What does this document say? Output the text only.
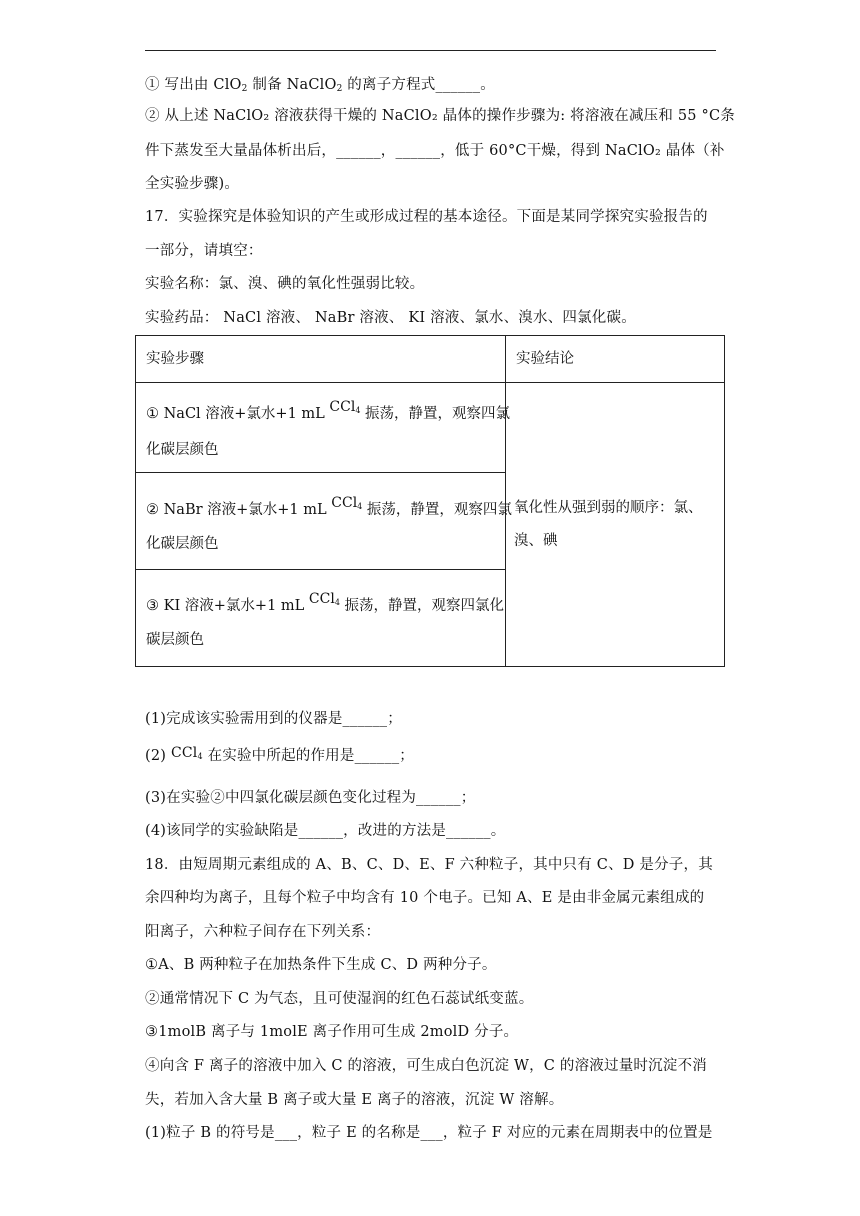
① 写出由 ClO$_2$ 制备 NaClO$_2$ 的离子方程式______。
② 从上述 NaClO₂ 溶液获得干燥的 NaClO₂ 晶体的操作步骤为: 将溶液在减压和 55 °C条
件下蒸发至大量晶体析出后，______，______，低于 60°C干燥，得到 NaClO₂ 晶体（补
全实验步骤)。
17．实验探究是体验知识的产生或形成过程的基本途径。下面是某同学探究实验报告的
一部分，请填空：
实验名称：氯、溴、碘的氧化性强弱比较。
实验药品： NaCl 溶液、 NaBr 溶液、 KI 溶液、氯水、溴水、四氯化碳。
实验步骤	实验结论
① NaCl 溶液+氯水+1 mL CCl$_4$ 振荡，静置，观察四氯
化碳层颜色
② NaBr 溶液+氯水+1 mL CCl$_4$ 振荡，静置，观察四氯
化碳层颜色
③ KI 溶液+氯水+1 mL CCl$_4$ 振荡，静置，观察四氯化
碳层颜色
氧化性从强到弱的顺序：氯、
溴、碘
(1)完成该实验需用到的仪器是______；
(2) CCl$_4$ 在实验中所起的作用是______；
(3)在实验②中四氯化碳层颜色变化过程为______；
(4)该同学的实验缺陷是______，改进的方法是______。
18．由短周期元素组成的 A、B、C、D、E、F 六种粒子，其中只有 C、D 是分子，其
余四种均为离子，且每个粒子中均含有 10 个电子。已知 A、E 是由非金属元素组成的
阳离子，六种粒子间存在下列关系：
①A、B 两种粒子在加热条件下生成 C、D 两种分子。
②通常情况下 C 为气态，且可使湿润的红色石蕊试纸变蓝。
③1molB 离子与 1molE 离子作用可生成 2molD 分子。
④向含 F 离子的溶液中加入 C 的溶液，可生成白色沉淀 W，C 的溶液过量时沉淀不消
失，若加入含大量 B 离子或大量 E 离子的溶液，沉淀 W 溶解。
(1)粒子 B 的符号是___，粒子 E 的名称是___，粒子 F 对应的元素在周期表中的位置是
